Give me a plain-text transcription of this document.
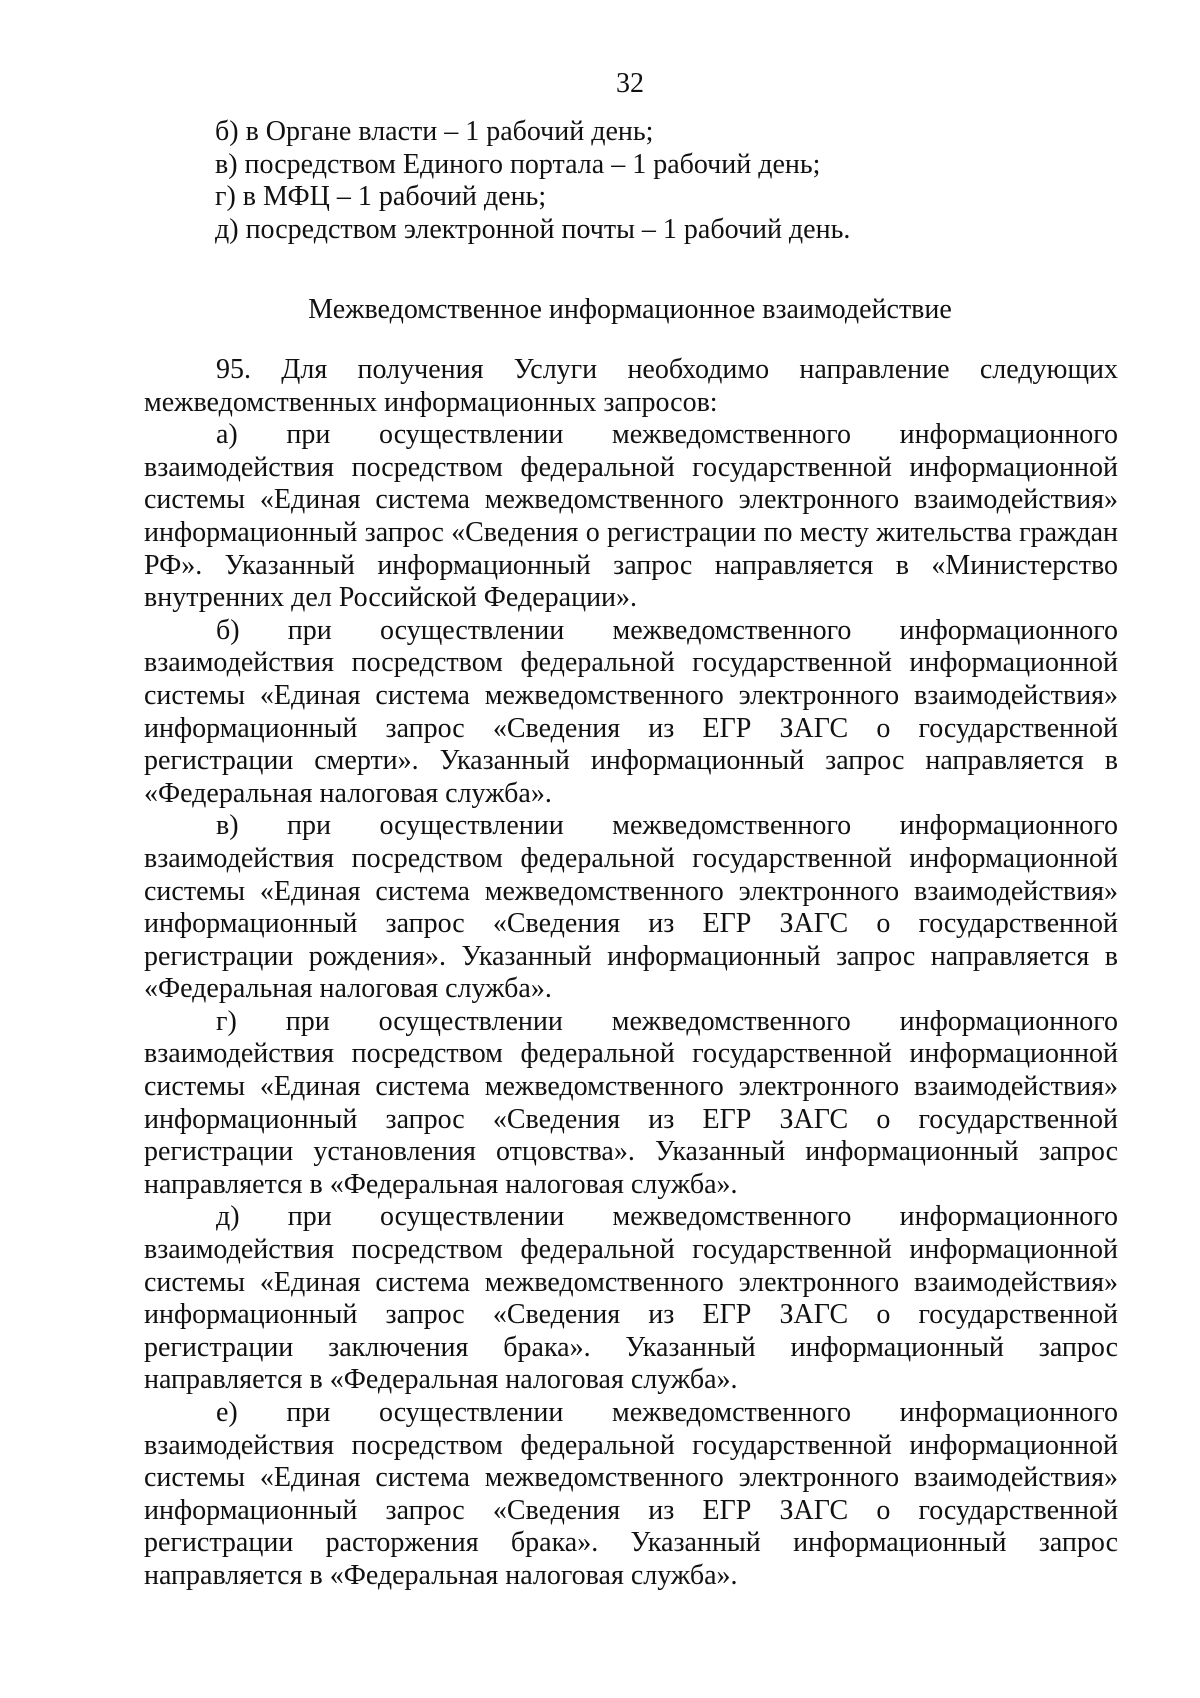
32
б) в Органе власти – 1 рабочий день;
в) посредством Единого портала – 1 рабочий день;
г) в МФЦ – 1 рабочий день;
д) посредством электронной почты – 1 рабочий день.
Межведомственное информационное взаимодействие

95. Для получения Услуги необходимо направление следующих межведомственных информационных запросов:

а) при осуществлении межведомственного информационного взаимодействия посредством федеральной государственной информационной системы «Единая система межведомственного электронного взаимодействия» информационный запрос «Сведения о регистрации по месту жительства граждан РФ». Указанный информационный запрос направляется в «Министерство внутренних дел Российской Федерации».

б) при осуществлении межведомственного информационного взаимодействия посредством федеральной государственной информационной системы «Единая система межведомственного электронного взаимодействия» информационный запрос «Сведения из ЕГР ЗАГС о государственной регистрации смерти». Указанный информационный запрос направляется в «Федеральная налоговая служба».

в) при осуществлении межведомственного информационного взаимодействия посредством федеральной государственной информационной системы «Единая система межведомственного электронного взаимодействия» информационный запрос «Сведения из ЕГР ЗАГС о государственной регистрации рождения». Указанный информационный запрос направляется в «Федеральная налоговая служба».

г) при осуществлении межведомственного информационного взаимодействия посредством федеральной государственной информационной системы «Единая система межведомственного электронного взаимодействия» информационный запрос «Сведения из ЕГР ЗАГС о государственной регистрации установления отцовства». Указанный информационный запрос направляется в «Федеральная налоговая служба».

д) при осуществлении межведомственного информационного взаимодействия посредством федеральной государственной информационной системы «Единая система межведомственного электронного взаимодействия» информационный запрос «Сведения из ЕГР ЗАГС о государственной регистрации заключения брака». Указанный информационный запрос направляется в «Федеральная налоговая служба».

е) при осуществлении межведомственного информационного взаимодействия посредством федеральной государственной информационной системы «Единая система межведомственного электронного взаимодействия» информационный запрос «Сведения из ЕГР ЗАГС о государственной регистрации расторжения брака». Указанный информационный запрос направляется в «Федеральная налоговая служба».
